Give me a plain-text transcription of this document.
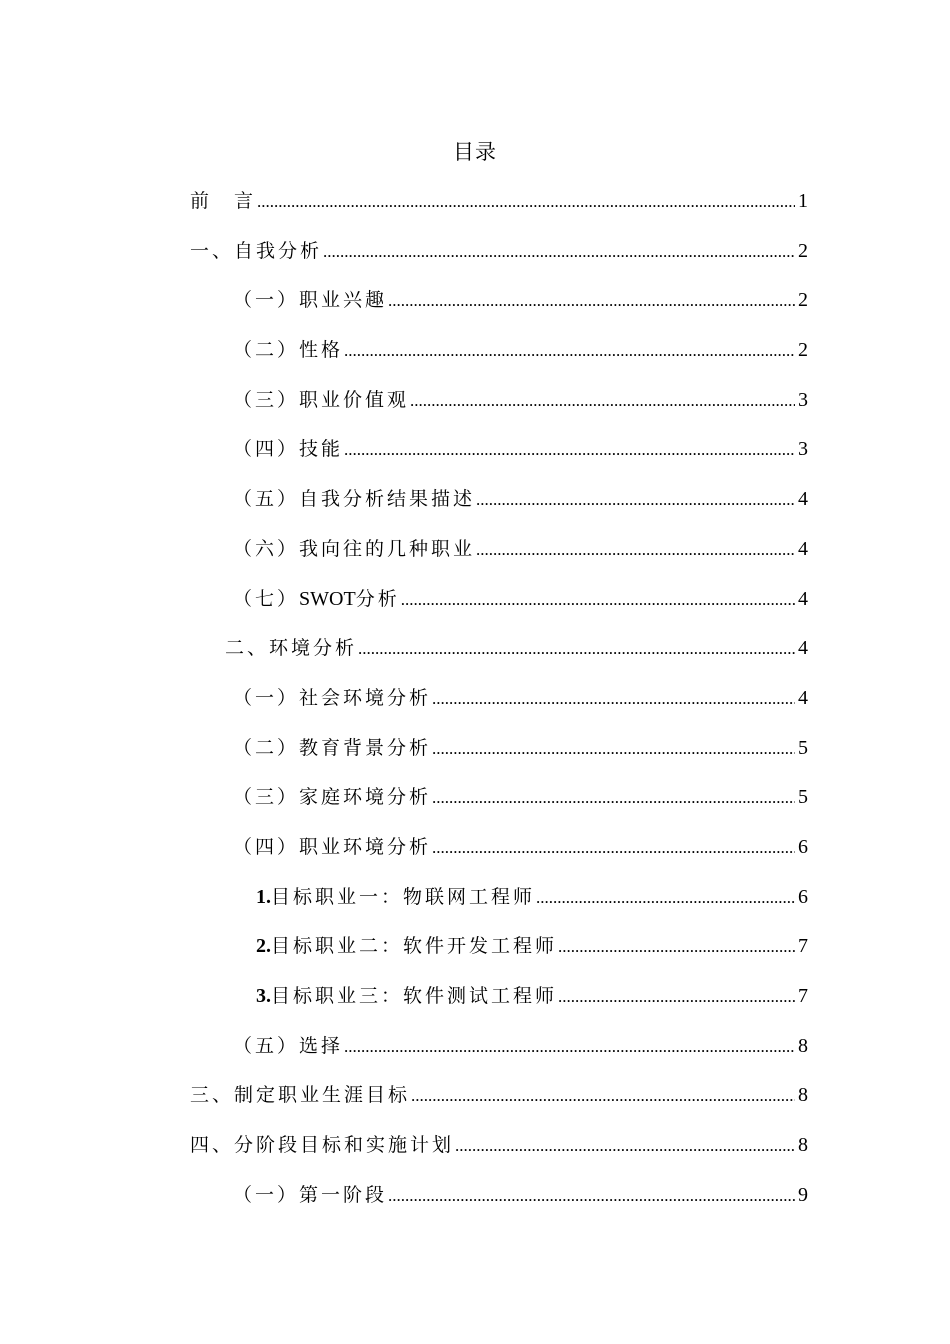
目录
前　言 .....	1
一、自我分析 .....	2
（一）职业兴趣 .....	2
（二）性格 .....	2
（三）职业价值观 .....	3
（四）技能 .....	3
（五）自我分析结果描述 .....	4
（六）我向往的几种职业 .....	4
（七）SWOT分析 .....	4
二、环境分析 .....	4
（一）社会环境分析 .....	4
（二）教育背景分析 .....	5
（三）家庭环境分析 .....	5
（四）职业环境分析 .....	6
1.目标职业一：物联网工程师 .....	6
2.目标职业二：软件开发工程师 .....	7
3.目标职业三：软件测试工程师 .....	7
（五）选择 .....	8
三、制定职业生涯目标 .....	8
四、分阶段目标和实施计划 .....	8
（一）第一阶段 .....	9
